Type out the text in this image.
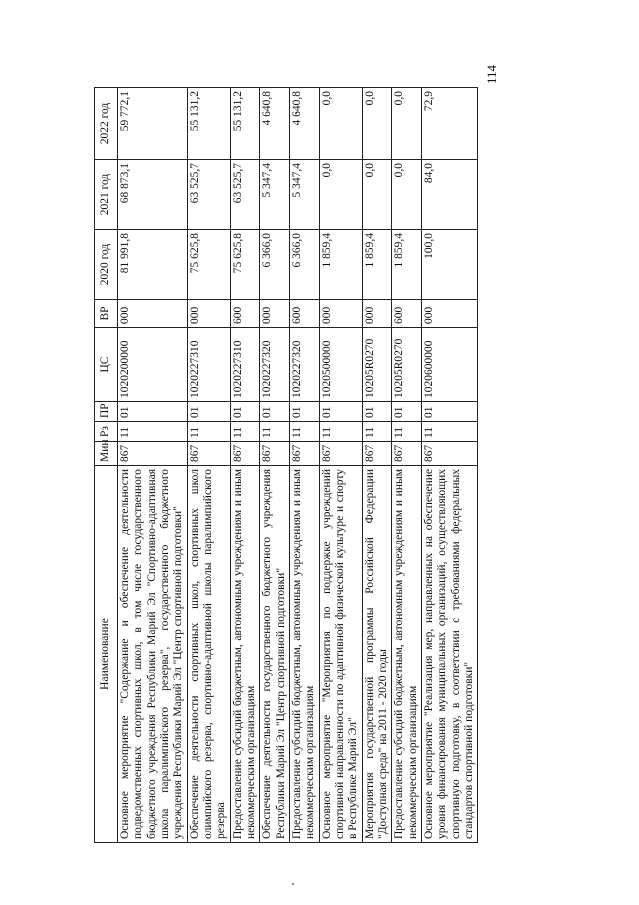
114
Наименование	Мин	Рз	ПР	ЦС	ВР	2020 год	2021 год	2022 год
Основное мероприятие "Содержание и обеспечение деятельности подведомственных спортивных школ, в том числе государственного бюджетного учреждения Республики Марий Эл "Спортивно-адаптивная школа паралимпийского резерва", государственного бюджетного учреждения Республики Марий Эл "Центр спортивной подготовки"	867	11	01	1020200000	000	81 991,8	68 873,1	59 772,1
Обеспечение деятельности спортивных школ, спортивных школ олимпийского резерва, спортивно-адаптивной школы паралимпийского резерва	867	11	01	1020227310	000	75 625,8	63 525,7	55 131,2
Предоставление субсидий бюджетным, автономным учреждениям и иным некоммерческим организациям	867	11	01	1020227310	600	75 625,8	63 525,7	55 131,2
Обеспечение деятельности государственного бюджетного учреждения Республики Марий Эл "Центр спортивной подготовки"	867	11	01	1020227320	000	6 366,0	5 347,4	4 640,8
Предоставление субсидий бюджетным, автономным учреждениям и иным некоммерческим организациям	867	11	01	1020227320	600	6 366,0	5 347,4	4 640,8
Основное мероприятие "Мероприятия по поддержке учреждений спортивной направленности по адаптивной физической культуре и спорту в Республике Марий Эл"	867	11	01	1020500000	000	1 859,4	0,0	0,0
Мероприятия государственной программы Российской Федерации "Доступная среда" на 2011 - 2020 годы	867	11	01	10205R0270	000	1 859,4	0,0	0,0
Предоставление субсидий бюджетным, автономным учреждениям и иным некоммерческим организациям	867	11	01	10205R0270	600	1 859,4	0,0	0,0
Основное мероприятие "Реализация мер, направленных на обеспечение уровня финансирования муниципальных организаций, осуществляющих спортивную подготовку, в соответствии с требованиями федеральных стандартов спортивной подготовки"	867	11	01	1020600000	000	100,0	84,0	72,9
